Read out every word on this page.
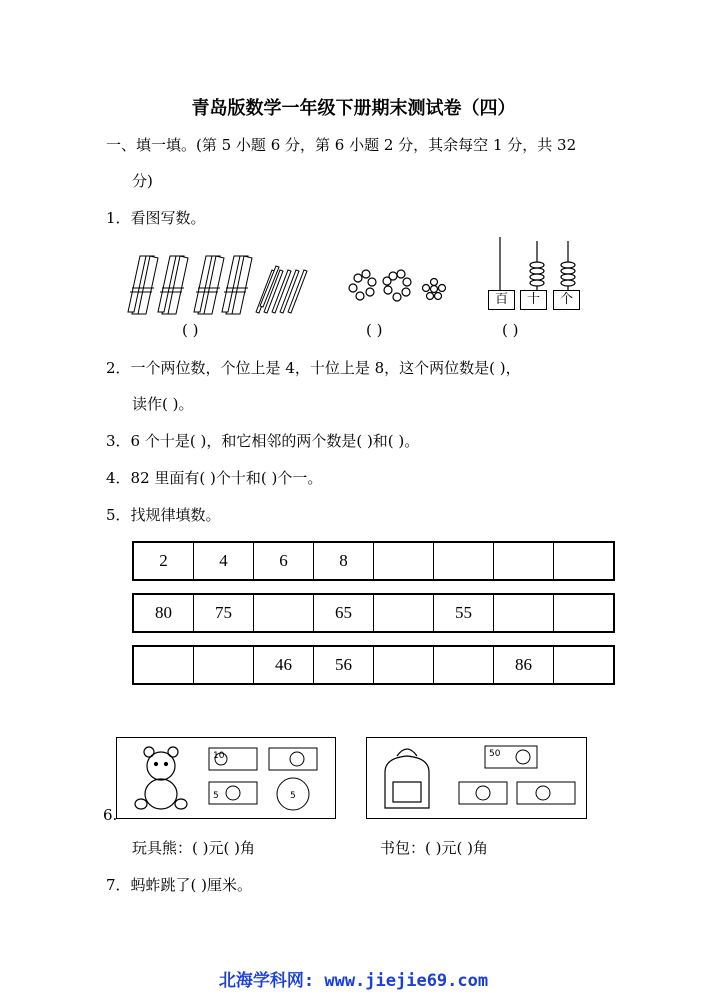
青岛版数学一年级下册期末测试卷（四）
一、填一填。(第 5 小题 6 分，第 6 小题 2 分，其余每空 1 分，共 32
分)
1．看图写数。
百	十	个
( )	( )	( )
2．一个两位数，个位上是 4，十位上是 8，这个两位数是( )，
读作( )。
3．6 个十是( )，和它相邻的两个数是( )和( )。
4．82 里面有( )个十和( )个一。
5．找规律填数。
2	4	6	8				
80	75		65		55		
		46	56			86	
10
5	5
50
6.
玩具熊：( )元( )角	书包：( )元( )角
7．蚂蚱跳了( )厘米。
北海学科网: www.jiejie69.com
